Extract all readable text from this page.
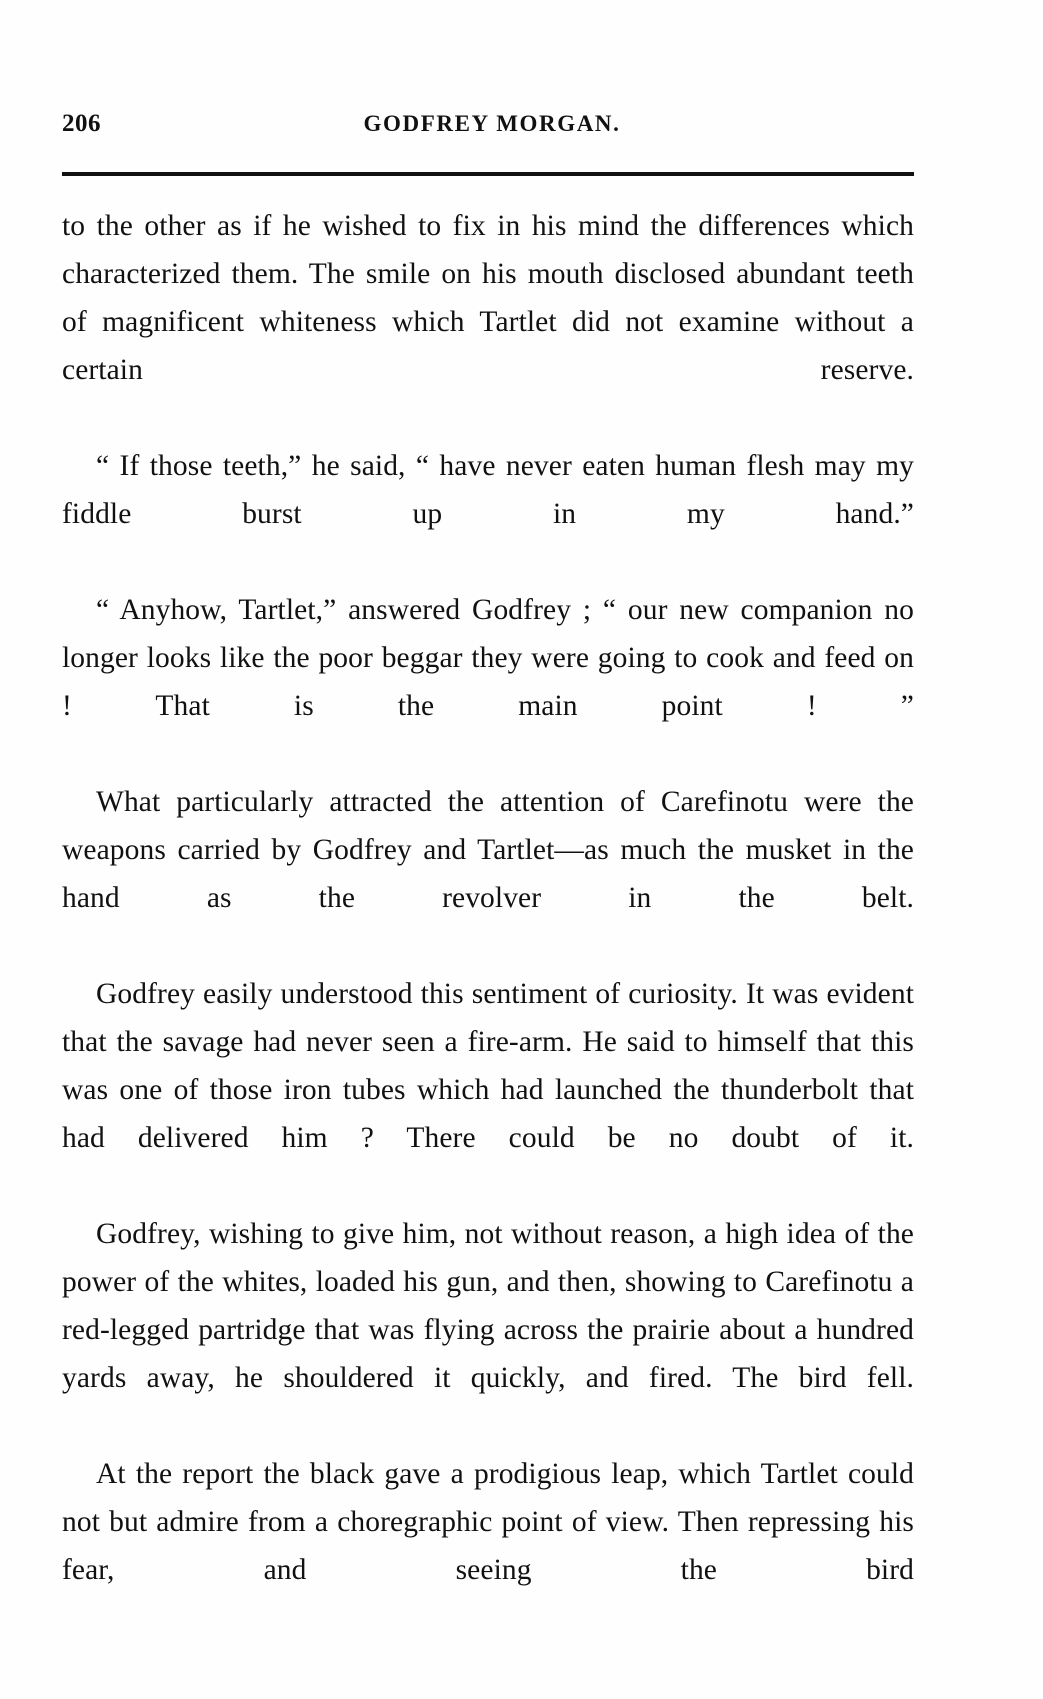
206	GODFREY MORGAN.

to the other as if he wished to fix in his mind the differences which characterized them. The smile on his mouth disclosed abundant teeth of magnificent whiteness which Tartlet did not examine without a certain reserve.

“ If those teeth,” he said, “ have never eaten human flesh may my fiddle burst up in my hand.”

“ Anyhow, Tartlet,” answered Godfrey ; “ our new companion no longer looks like the poor beggar they were going to cook and feed on ! That is the main point ! ”

What particularly attracted the attention of Carefinotu were the weapons carried by Godfrey and Tartlet—as much the musket in the hand as the revolver in the belt.

Godfrey easily understood this sentiment of curiosity. It was evident that the savage had never seen a fire-arm. He said to himself that this was one of those iron tubes which had launched the thunderbolt that had delivered him ? There could be no doubt of it.

Godfrey, wishing to give him, not without reason, a high idea of the power of the whites, loaded his gun, and then, showing to Carefinotu a red-legged partridge that was flying across the prairie about a hundred yards away, he shouldered it quickly, and fired. The bird fell.

At the report the black gave a prodigious leap, which Tartlet could not but admire from a choregraphic point of view. Then repressing his fear, and seeing the bird
